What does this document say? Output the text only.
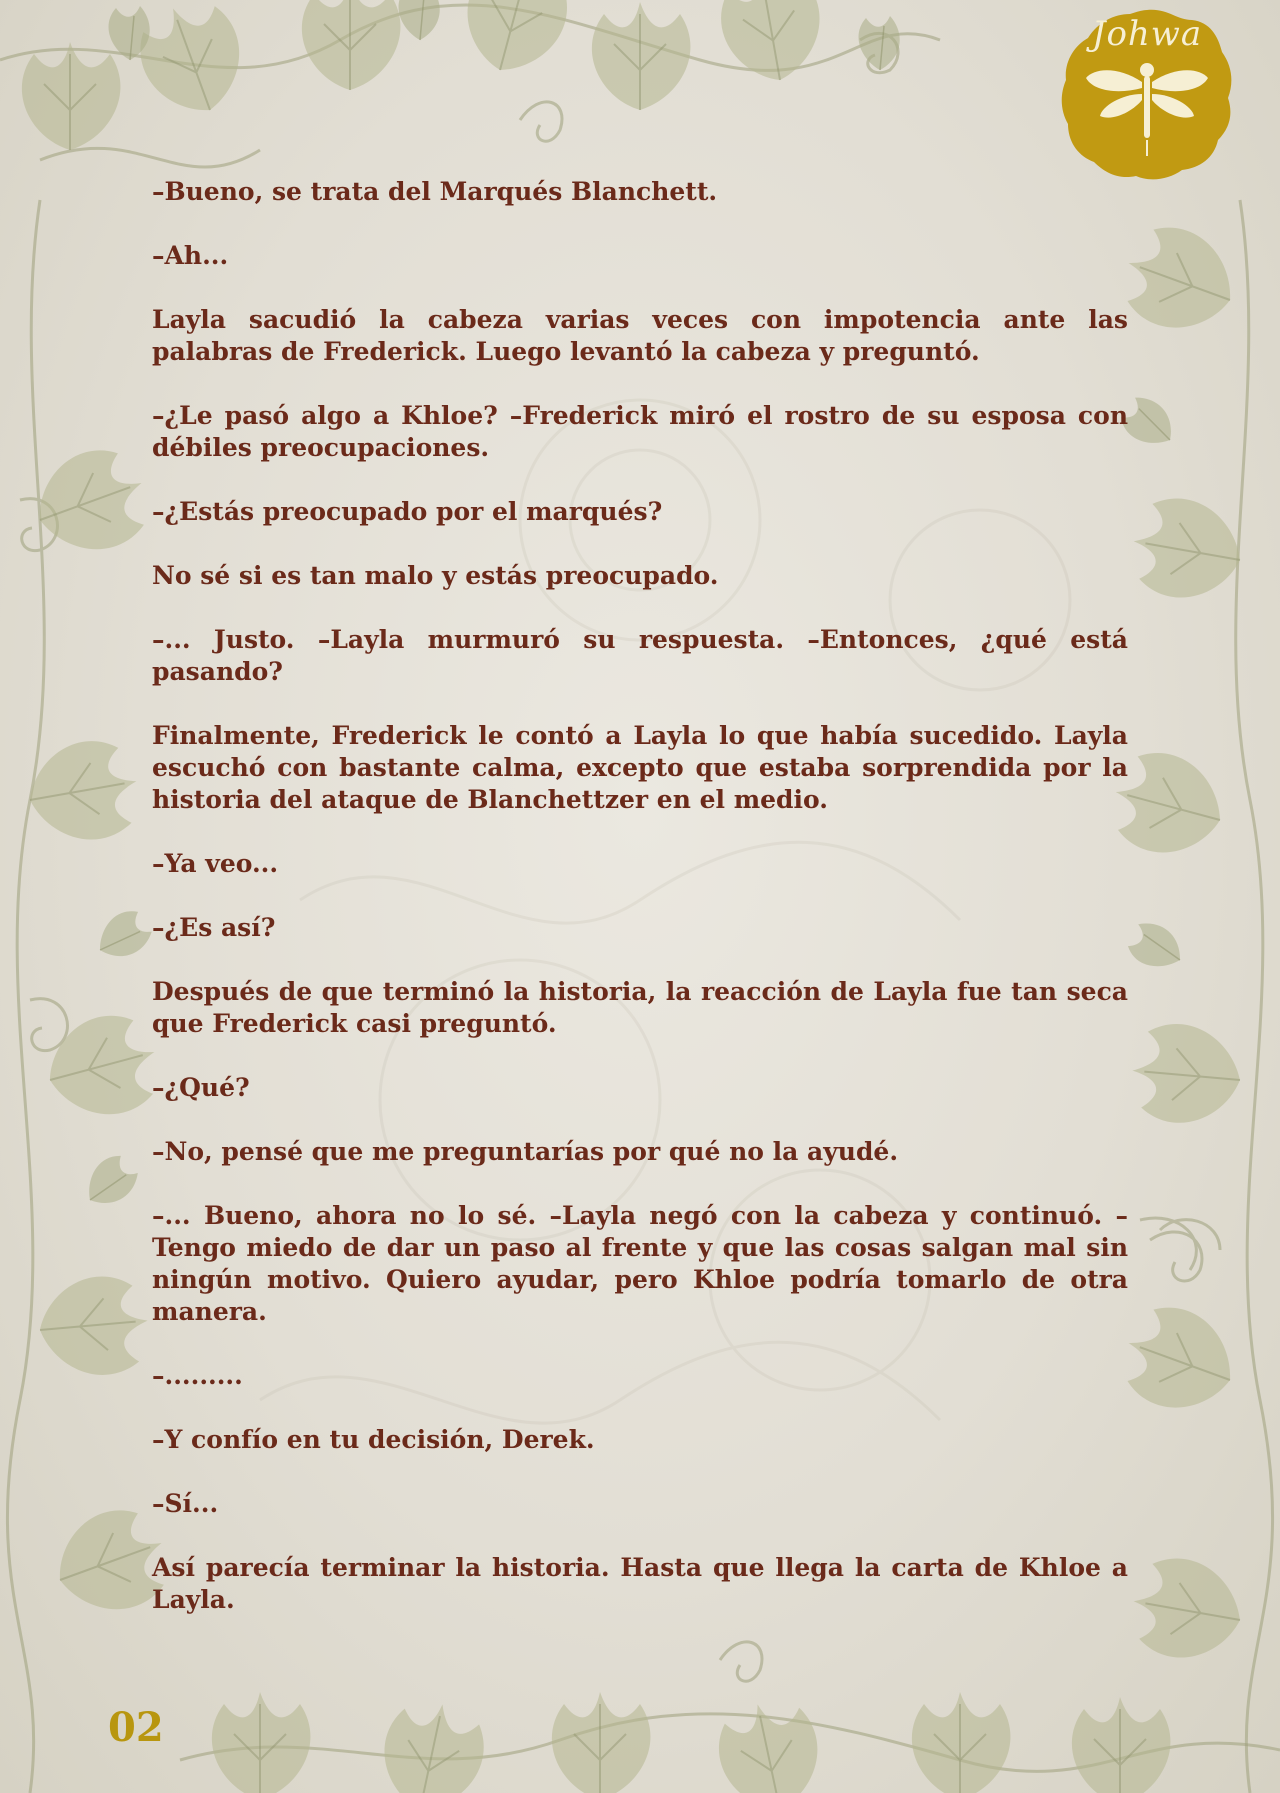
Johwa

–Bueno, se trata del Marqués Blanchett.

–Ah...

Layla sacudió la cabeza varias veces con impotencia ante las palabras de Frederick. Luego levantó la cabeza y preguntó.

–¿Le pasó algo a Khloe? –Frederick miró el rostro de su esposa con débiles preocupaciones.

–¿Estás preocupado por el marqués?

No sé si es tan malo y estás preocupado.

–... Justo. –Layla murmuró su respuesta. –Entonces, ¿qué está pasando?

Finalmente, Frederick le contó a Layla lo que había sucedido. Layla escuchó con bastante calma, excepto que estaba sorprendida por la historia del ataque de Blanchettzer en el medio.

–Ya veo...

–¿Es así?

Después de que terminó la historia, la reacción de Layla fue tan seca que Frederick casi preguntó.

–¿Qué?

–No, pensé que me preguntarías por qué no la ayudé.

–... Bueno, ahora no lo sé. –Layla negó con la cabeza y continuó. –Tengo miedo de dar un paso al frente y que las cosas salgan mal sin ningún motivo. Quiero ayudar, pero Khloe podría tomarlo de otra manera.

–.........

–Y confío en tu decisión, Derek.

–Sí...

Así parecía terminar la historia. Hasta que llega la carta de Khloe a Layla.

02
